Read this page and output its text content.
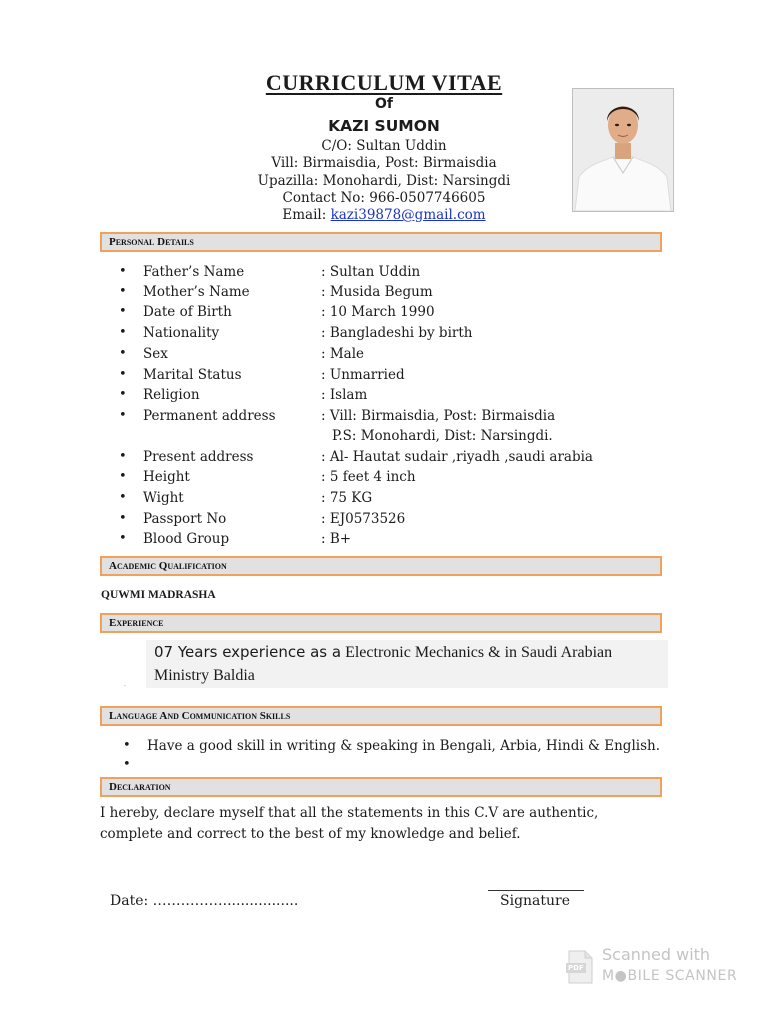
CURRICULUM VITAE
Of
KAZI SUMON
C/O: Sultan Uddin
Vill: Birmaisdia, Post: Birmaisdia
Upazilla: Monohardi, Dist: Narsingdi
Contact No: 966-0507746605
Email: kazi39878@gmail.com
Personal Details
• Father’s Name	: Sultan Uddin
• Mother’s Name	: Musida Begum
• Date of Birth	: 10 March 1990
• Nationality	: Bangladeshi by birth
• Sex	: Male
• Marital Status	: Unmarried
• Religion	: Islam
• Permanent address	: Vill: Birmaisdia, Post: Birmaisdia
P.S: Monohardi, Dist: Narsingdi.
• Present address	: Al- Hautat sudair ,riyadh ,saudi arabia
• Height	: 5 feet 4 inch
• Wight	: 75 KG
• Passport No	: EJ0573526
• Blood Group	: B+
Academic Qualification
QUWMI MADRASHA
Experience
07 Years experience as a Electronic Mechanics & in Saudi Arabian
Ministry Baldia
·
Language And Communication Skills
• Have a good skill in writing & speaking in Bengali, Arbia, Hindi & English.
•
Declaration
I hereby, declare myself that all the statements in this C.V are authentic,
complete and correct to the best of my knowledge and belief.
Date: …………….................	Signature
PDF
Scanned with
M●BILE SCANNER
